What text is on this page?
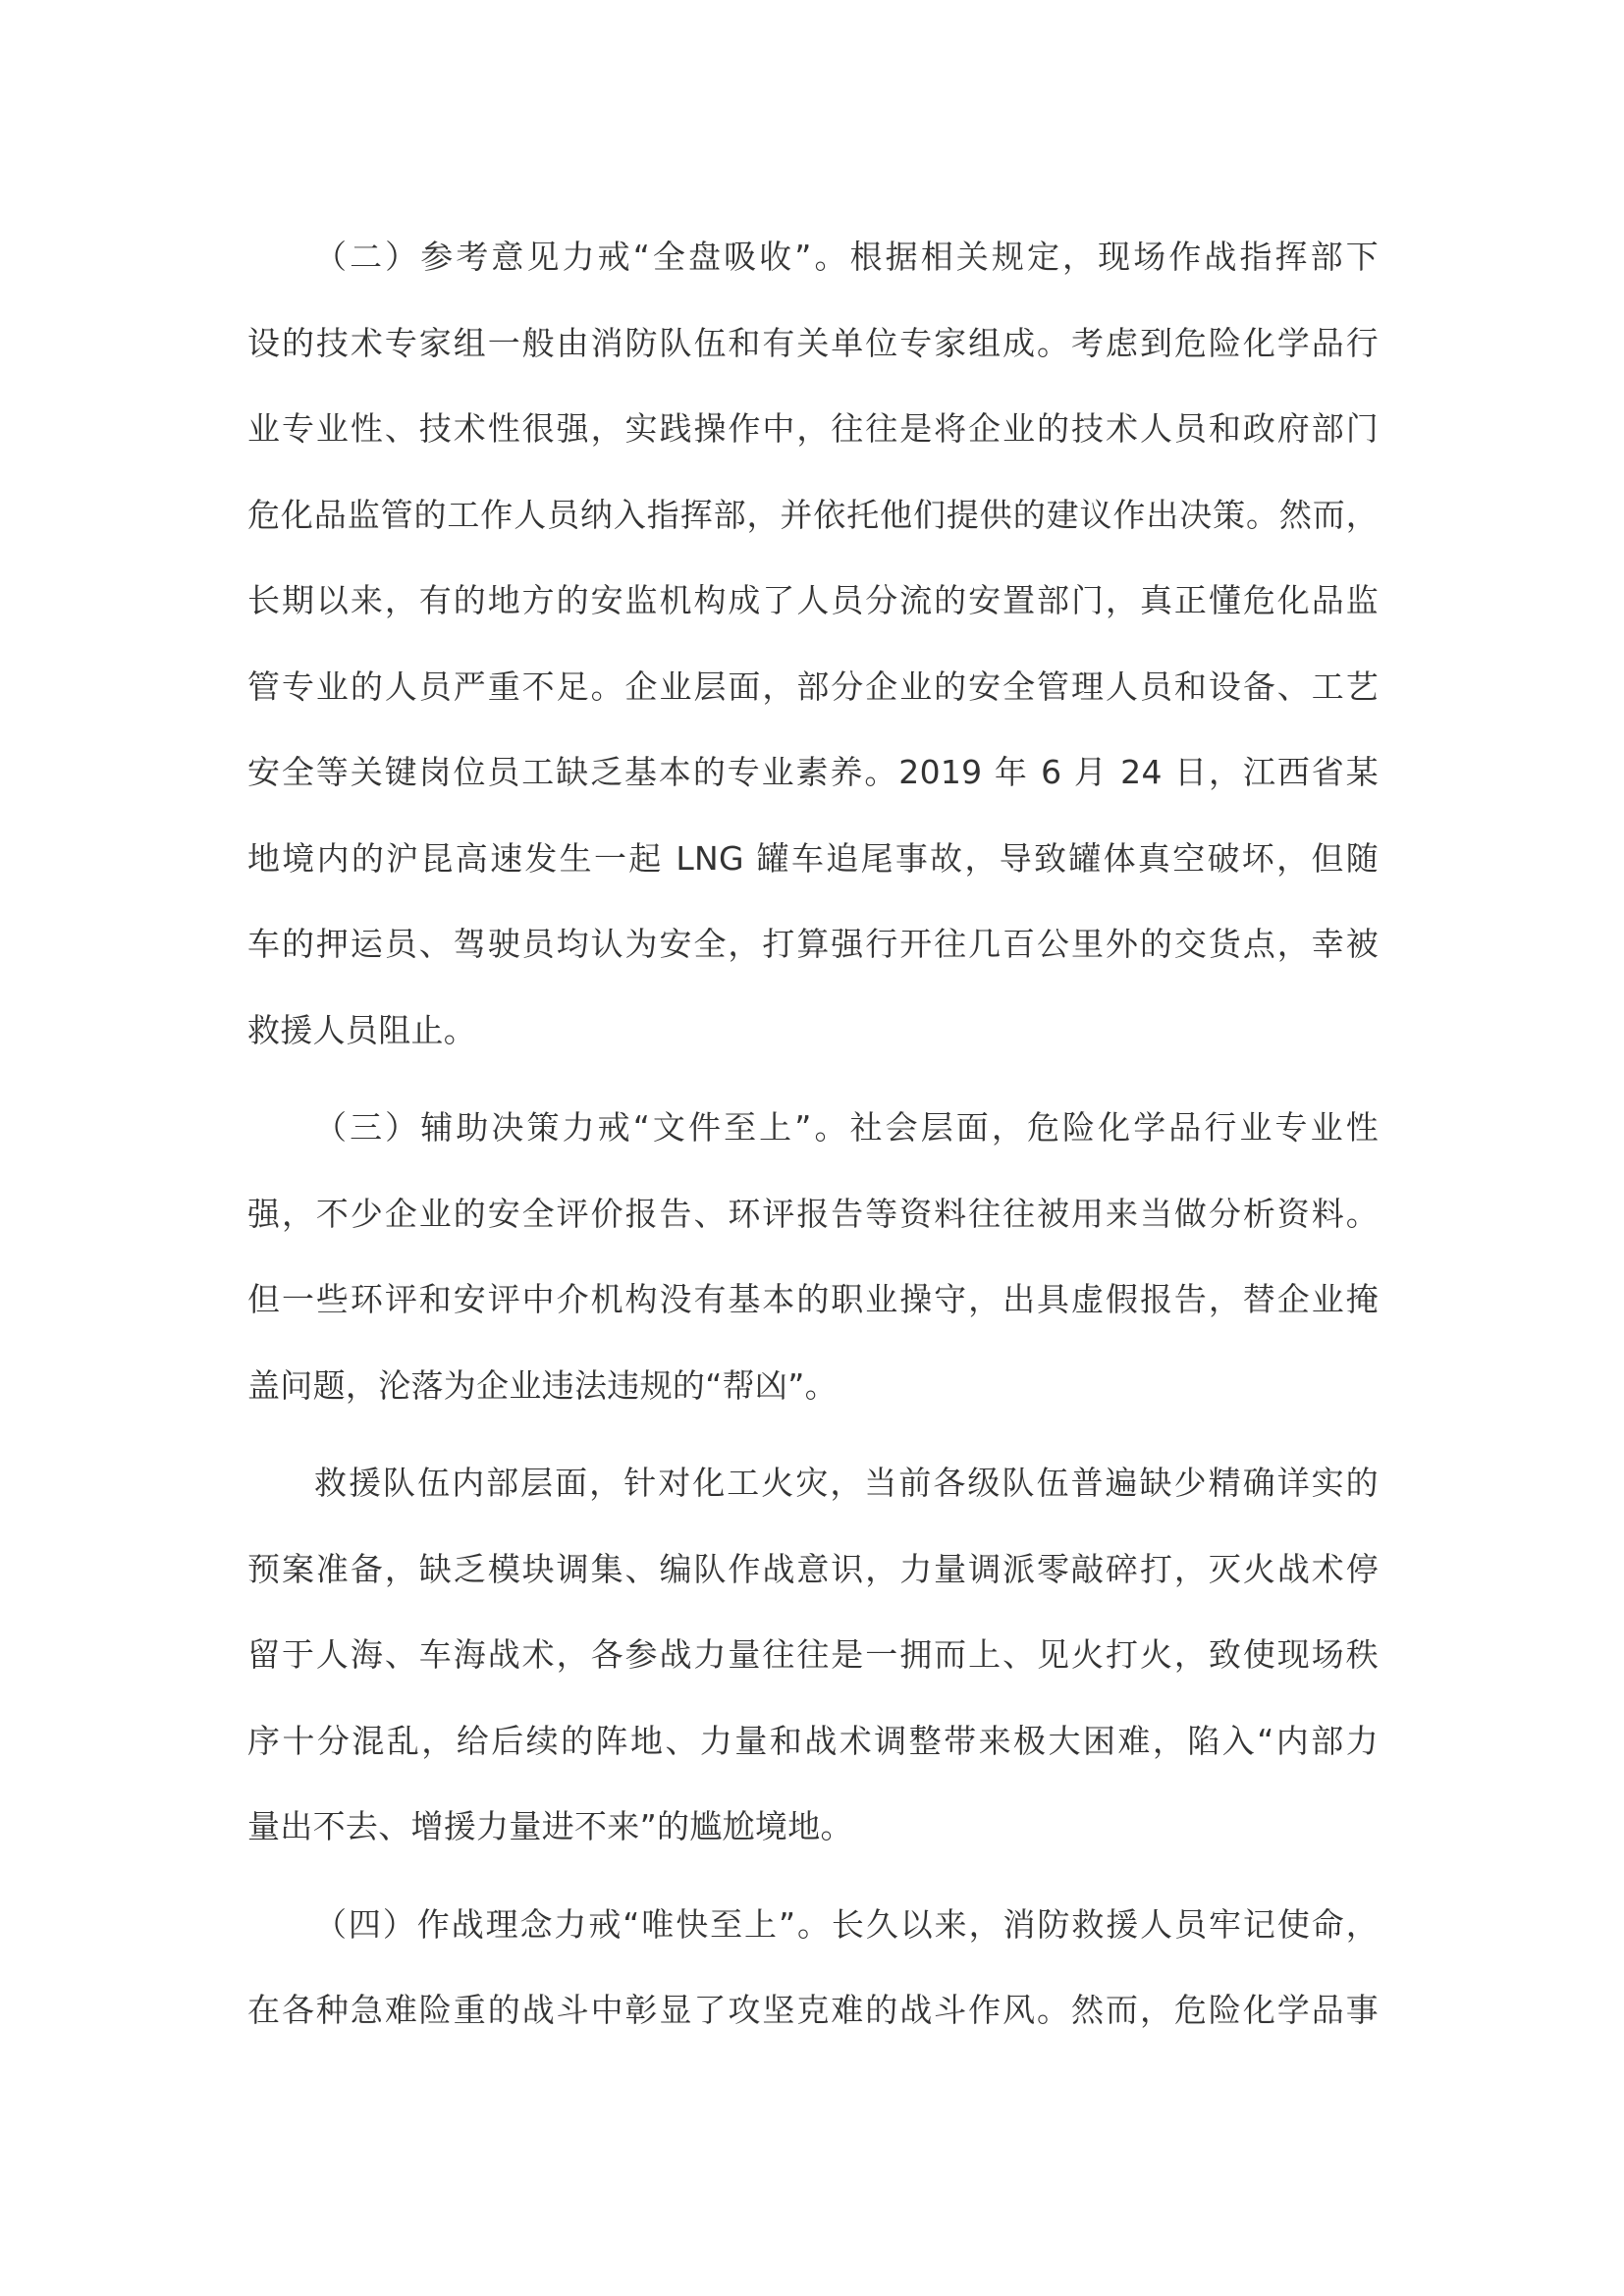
（二）参考意见力戒“全盘吸收”。根据相关规定，现场作战指挥部下
设的技术专家组一般由消防队伍和有关单位专家组成。考虑到危险化学品行
业专业性、技术性很强，实践操作中，往往是将企业的技术人员和政府部门
危化品监管的工作人员纳入指挥部，并依托他们提供的建议作出决策。然而，
长期以来，有的地方的安监机构成了人员分流的安置部门，真正懂危化品监
管专业的人员严重不足。企业层面，部分企业的安全管理人员和设备、工艺
安全等关键岗位员工缺乏基本的专业素养。2019 年 6 月 24 日，江西省某
地境内的沪昆高速发生一起 LNG 罐车追尾事故，导致罐体真空破坏，但随
车的押运员、驾驶员均认为安全，打算强行开往几百公里外的交货点，幸被
救援人员阻止。

（三）辅助决策力戒“文件至上”。社会层面，危险化学品行业专业性
强，不少企业的安全评价报告、环评报告等资料往往被用来当做分析资料。
但一些环评和安评中介机构没有基本的职业操守，出具虚假报告，替企业掩
盖问题，沦落为企业违法违规的“帮凶”。

救援队伍内部层面，针对化工火灾，当前各级队伍普遍缺少精确详实的
预案准备，缺乏模块调集、编队作战意识，力量调派零敲碎打，灭火战术停
留于人海、车海战术，各参战力量往往是一拥而上、见火打火，致使现场秩
序十分混乱，给后续的阵地、力量和战术调整带来极大困难，陷入“内部力
量出不去、增援力量进不来”的尴尬境地。

（四）作战理念力戒“唯快至上”。长久以来，消防救援人员牢记使命，
在各种急难险重的战斗中彰显了攻坚克难的战斗作风。然而，危险化学品事
